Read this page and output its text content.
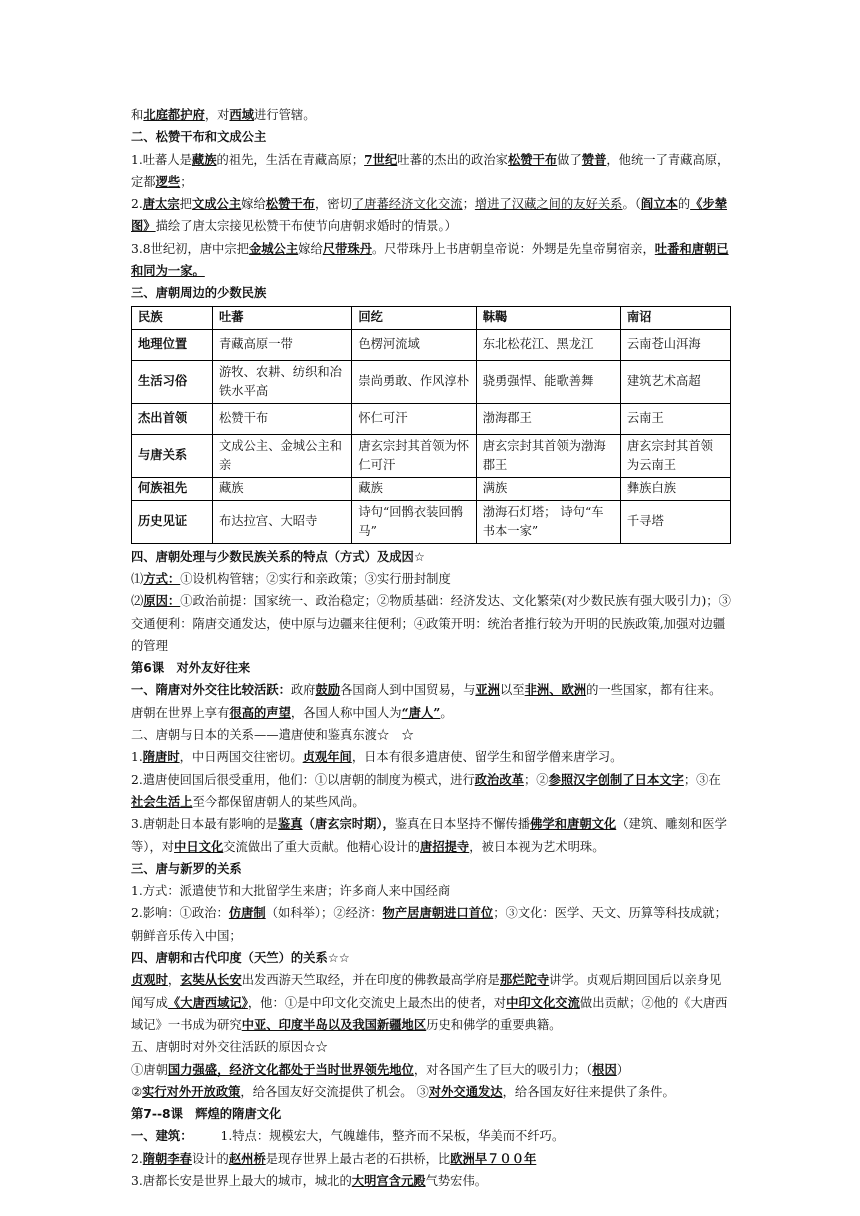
和北庭都护府，对西域进行管辖。
二、松赞干布和文成公主
1.吐蕃人是藏族的祖先，生活在青藏高原；7世纪吐蕃的杰出的政治家松赞干布做了赞普，他统一了青藏高原，定都逻些；
2.唐太宗把文成公主嫁给松赞干布，密切了唐蕃经济文化交流；增进了汉藏之间的友好关系。（阎立本的《步辇图》描绘了唐太宗接见松赞干布使节向唐朝求婚时的情景。）
3.8世纪初，唐中宗把金城公主嫁给尺带珠丹。尺带珠丹上书唐朝皇帝说：外甥是先皇帝舅宿亲，吐番和唐朝已和同为一家。
三、唐朝周边的少数民族
民族	吐蕃	回纥	靺鞨	南诏
地理位置	青藏高原一带	色楞河流域	东北松花江、黑龙江	云南苍山洱海
生活习俗	游牧、农耕、纺织和冶铁水平高	崇尚勇敢、作风淳朴	骁勇强悍、能歌善舞	建筑艺术高超
杰出首领	松赞干布	怀仁可汗	渤海郡王	云南王
与唐关系	文成公主、金城公主和亲	唐玄宗封其首领为怀仁可汗	唐玄宗封其首领为渤海郡王	唐玄宗封其首领为云南王
何族祖先	藏族	藏族	满族	彝族白族
历史见证	布达拉宫、大昭寺	诗句“回鹘衣装回鹘马”	渤海石灯塔； 诗句“车书本一家”	千寻塔
四、唐朝处理与少数民族关系的特点（方式）及成因☆
⑴方式：①设机构管辖；②实行和亲政策；③实行册封制度
⑵原因：①政治前提：国家统一、政治稳定；②物质基础：经济发达、文化繁荣(对少数民族有强大吸引力)；③交通便利：隋唐交通发达，使中原与边疆来往便利；④政策开明：统治者推行较为开明的民族政策,加强对边疆的管理
第6课　对外友好往来
一、隋唐对外交往比较活跃：政府鼓励各国商人到中国贸易，与亚洲以至非洲、欧洲的一些国家，都有往来。唐朝在世界上享有很高的声望，各国人称中国人为“唐人”。
二、唐朝与日本的关系——遣唐使和鉴真东渡☆　☆
1.隋唐时，中日两国交往密切。贞观年间，日本有很多遣唐使、留学生和留学僧来唐学习。
2.遣唐使回国后很受重用，他们：①以唐朝的制度为模式，进行政治改革；②参照汉字创制了日本文字；③在社会生活上至今都保留唐朝人的某些风尚。
3.唐朝赴日本最有影响的是鉴真（唐玄宗时期），鉴真在日本坚持不懈传播佛学和唐朝文化（建筑、雕刻和医学等），对中日文化交流做出了重大贡献。他精心设计的唐招提寺，被日本视为艺术明珠。
三、唐与新罗的关系
1.方式：派遣使节和大批留学生来唐；许多商人来中国经商
2.影响：①政治：仿唐制（如科举）；②经济：物产居唐朝进口首位；③文化：医学、天文、历算等科技成就；朝鲜音乐传入中国；
四、唐朝和古代印度（天竺）的关系☆☆
贞观时，玄奘从长安出发西游天竺取经，并在印度的佛教最高学府是那烂陀寺讲学。贞观后期回国后以亲身见闻写成《大唐西域记》，他：①是中印文化交流史上最杰出的使者，对中印文化交流做出贡献；②他的《大唐西域记》一书成为研究中亚、印度半岛以及我国新疆地区历史和佛学的重要典籍。
五、唐朝时对外交往活跃的原因☆☆
①唐朝国力强盛，经济文化都处于当时世界领先地位，对各国产生了巨大的吸引力；（根因）
②实行对外开放政策，给各国友好交流提供了机会。 ③对外交通发达，给各国友好往来提供了条件。
第7--8课　辉煌的隋唐文化
一、建筑： 1.特点：规模宏大，气魄雄伟，整齐而不呆板，华美而不纤巧。
2.隋朝李春设计的赵州桥是现存世界上最古老的石拱桥，比欧洲早７００年
3.唐都长安是世界上最大的城市，城北的大明宫含元殿气势宏伟。
